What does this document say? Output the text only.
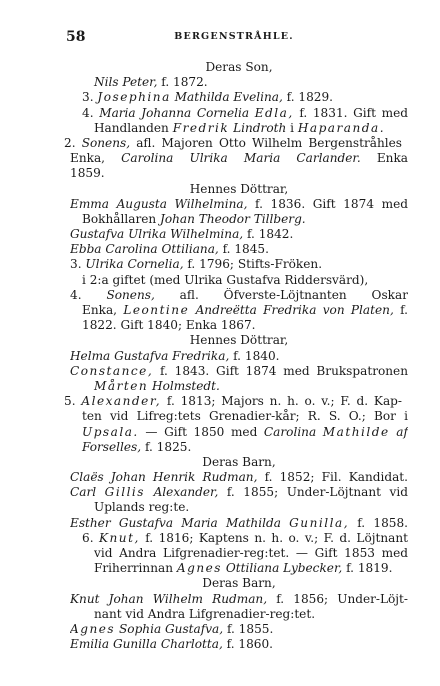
58	BERGENSTRÅHLE.
Deras Son,
Nils Peter, f. 1872.
3. Josephina Mathilda Evelina, f. 1829.
4. Maria Johanna Cornelia Edla, f. 1831. Gift med
Handlanden Fredrik Lindroth i Haparanda.
2. Sonens, afl. Majoren Otto Wilhelm Bergenstråhles
Enka, Carolina Ulrika Maria Carlander. Enka
1859.
Hennes Döttrar,
Emma Augusta Wilhelmina, f. 1836. Gift 1874 med
Bokhållaren Johan Theodor Tillberg.
Gustafva Ulrika Wilhelmina, f. 1842.
Ebba Carolina Ottiliana, f. 1845.
3. Ulrika Cornelia, f. 1796; Stifts-Fröken.
i 2:a giftet (med Ulrika Gustafva Riddersvärd),
4. Sonens, afl. Öfverste-Löjtnanten Oskar
Enka, Leontine Andreëtta Fredrika von Platen, f.
1822. Gift 1840; Enka 1867.
Hennes Döttrar,
Helma Gustafva Fredrika, f. 1840.
Constance, f. 1843. Gift 1874 med Brukspatronen
Mårten Holmstedt.
5. Alexander, f. 1813; Majors n. h. o. v.; F. d. Kap-
ten vid Lifreg:tets Grenadier-kår; R. S. O.; Bor i
Upsala. — Gift 1850 med Carolina Mathilde af
Forselles, f. 1825.
Deras Barn,
Claës Johan Henrik Rudman, f. 1852; Fil. Kandidat.
Carl Gillis Alexander, f. 1855; Under-Löjtnant vid
Uplands reg:te.
Esther Gustafva Maria Mathilda Gunilla, f. 1858.
6. Knut, f. 1816; Kaptens n. h. o. v.; F. d. Löjtnant
vid Andra Lifgrenadier-reg:tet. — Gift 1853 med
Friherrinnan Agnes Ottiliana Lybecker, f. 1819.
Deras Barn,
Knut Johan Wilhelm Rudman, f. 1856; Under-Löjt-
nant vid Andra Lifgrenadier-reg:tet.
Agnes Sophia Gustafva, f. 1855.
Emilia Gunilla Charlotta, f. 1860.
